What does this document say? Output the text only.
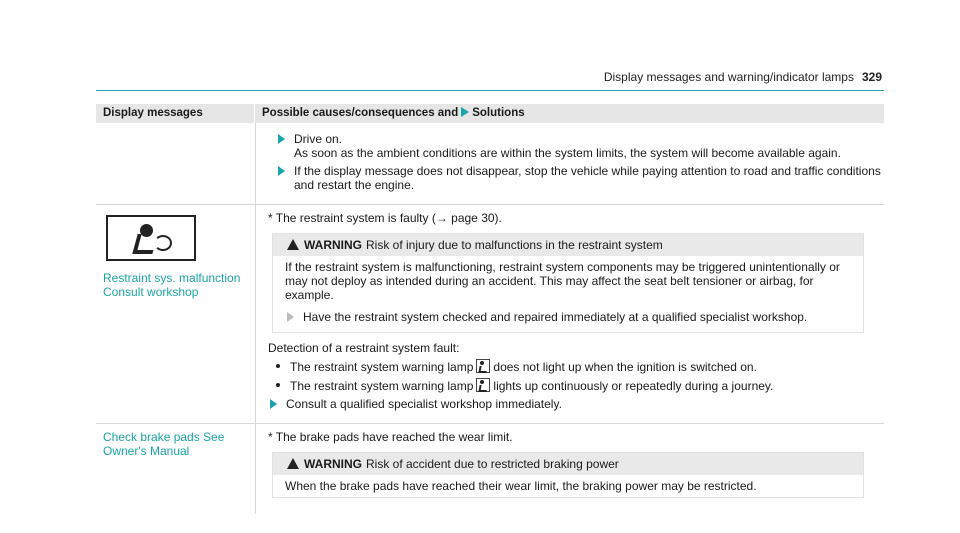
Display messages and warning/indicator lamps 329
Display messages	Possible causes/consequences and Solutions
Drive on.
As soon as the ambient conditions are within the system limits, the system will become available again.
If the display message does not disappear, stop the vehicle while paying attention to road and traffic conditions
and restart the engine.
Restraint sys. malfunction
Consult workshop
* The restraint system is faulty (→ page 30).
WARNING Risk of injury due to malfunctions in the restraint system
If the restraint system is malfunctioning, restraint system components may be triggered unintentionally or may not deploy as intended during an accident. This may affect the seat belt tensioner or airbag, for example.
Have the restraint system checked and repaired immediately at a qualified specialist workshop.
Detection of a restraint system fault:
The restraint system warning lamp does not light up when the ignition is switched on.
The restraint system warning lamp lights up continuously or repeatedly during a journey.
Consult a qualified specialist workshop immediately.
Check brake pads See
Owner's Manual
* The brake pads have reached the wear limit.
WARNING Risk of accident due to restricted braking power
When the brake pads have reached their wear limit, the braking power may be restricted.
